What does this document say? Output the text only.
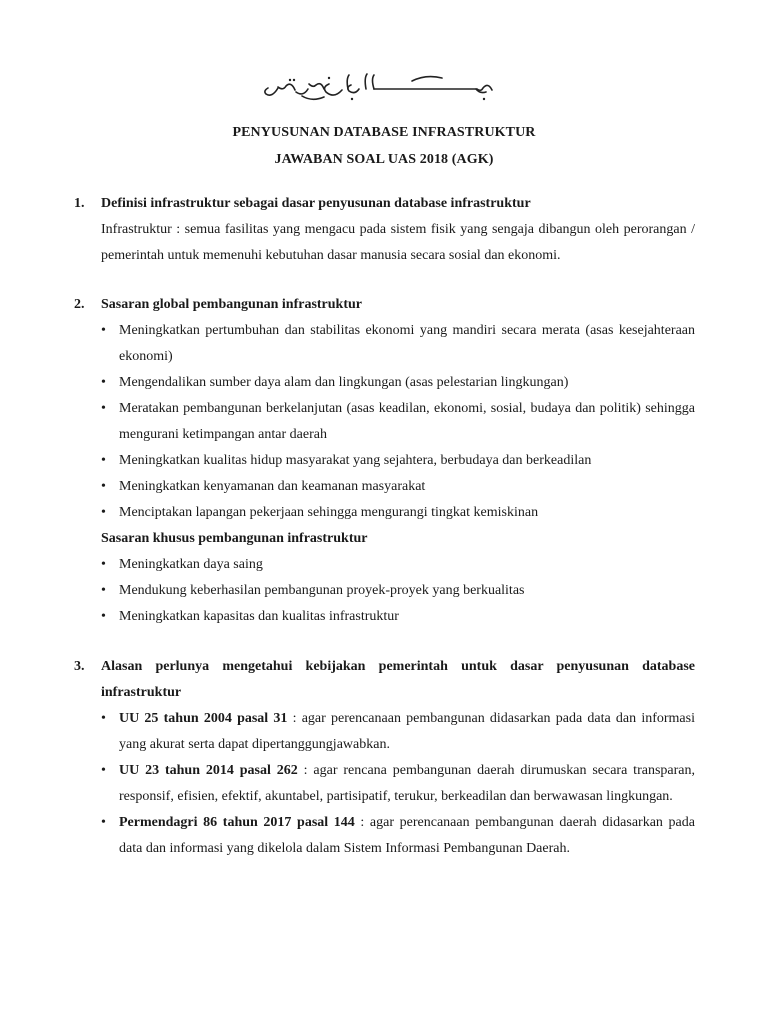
PENYUSUNAN DATABASE INFRASTRUKTUR
JAWABAN SOAL UAS 2018 (AGK)
1. Definisi infrastruktur sebagai dasar penyusunan database infrastruktur
Infrastruktur : semua fasilitas yang mengacu pada sistem fisik yang sengaja dibangun oleh perorangan / pemerintah untuk memenuhi kebutuhan dasar manusia secara sosial dan ekonomi.
2. Sasaran global pembangunan infrastruktur
• Meningkatkan pertumbuhan dan stabilitas ekonomi yang mandiri secara merata (asas kesejahteraan ekonomi)
• Mengendalikan sumber daya alam dan lingkungan (asas pelestarian lingkungan)
• Meratakan pembangunan berkelanjutan (asas keadilan, ekonomi, sosial, budaya dan politik) sehingga mengurani ketimpangan antar daerah
• Meningkatkan kualitas hidup masyarakat yang sejahtera, berbudaya dan berkeadilan
• Meningkatkan kenyamanan dan keamanan masyarakat
• Menciptakan lapangan pekerjaan sehingga mengurangi tingkat kemiskinan
Sasaran khusus pembangunan infrastruktur
• Meningkatkan daya saing
• Mendukung keberhasilan pembangunan proyek-proyek yang berkualitas
• Meningkatkan kapasitas dan kualitas infrastruktur
3. Alasan perlunya mengetahui kebijakan pemerintah untuk dasar penyusunan database infrastruktur
• UU 25 tahun 2004 pasal 31 : agar perencanaan pembangunan didasarkan pada data dan informasi yang akurat serta dapat dipertanggungjawabkan.
• UU 23 tahun 2014 pasal 262 : agar rencana pembangunan daerah dirumuskan secara transparan, responsif, efisien, efektif, akuntabel, partisipatif, terukur, berkeadilan dan berwawasan lingkungan.
• Permendagri 86 tahun 2017 pasal 144 : agar perencanaan pembangunan daerah didasarkan pada data dan informasi yang dikelola dalam Sistem Informasi Pembangunan Daerah.
